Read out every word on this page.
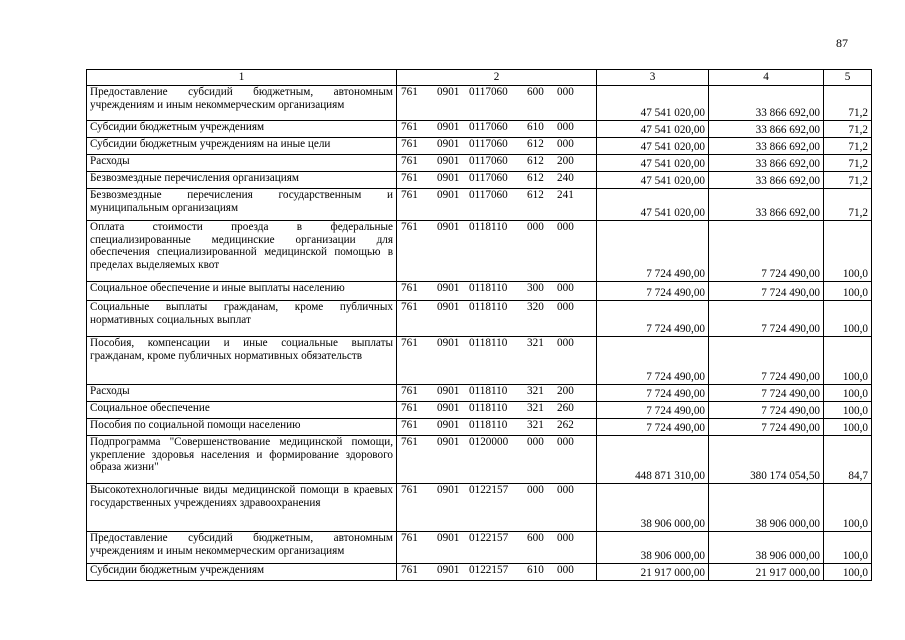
87
1	2	3	4	5
Предоставление субсидий бюджетным, автономным учреждениям и иным некоммерческим организациям	761 0901 0117060 600 000	47 541 020,00	33 866 692,00	71,2
Субсидии бюджетным учреждениям	761 0901 0117060 610 000	47 541 020,00	33 866 692,00	71,2
Субсидии бюджетным учреждениям на иные цели	761 0901 0117060 612 000	47 541 020,00	33 866 692,00	71,2
Расходы	761 0901 0117060 612 200	47 541 020,00	33 866 692,00	71,2
Безвозмездные перечисления организациям	761 0901 0117060 612 240	47 541 020,00	33 866 692,00	71,2
Безвозмездные перечисления государственным и муниципальным организациям	761 0901 0117060 612 241	47 541 020,00	33 866 692,00	71,2
Оплата стоимости проезда в федеральные специализированные медицинские организации для обеспечения специализированной медицинской помощью в пределах выделяемых квот	761 0901 0118110 000 000	7 724 490,00	7 724 490,00	100,0
Социальное обеспечение и иные выплаты населению	761 0901 0118110 300 000	7 724 490,00	7 724 490,00	100,0
Социальные выплаты гражданам, кроме публичных нормативных социальных выплат	761 0901 0118110 320 000	7 724 490,00	7 724 490,00	100,0
Пособия, компенсации и иные социальные выплаты гражданам, кроме публичных нормативных обязательств	761 0901 0118110 321 000	7 724 490,00	7 724 490,00	100,0
Расходы	761 0901 0118110 321 200	7 724 490,00	7 724 490,00	100,0
Социальное обеспечение	761 0901 0118110 321 260	7 724 490,00	7 724 490,00	100,0
Пособия по социальной помощи населению	761 0901 0118110 321 262	7 724 490,00	7 724 490,00	100,0
Подпрограмма "Совершенствование медицинской помощи, укрепление здоровья населения и формирование здорового образа жизни"	761 0901 0120000 000 000	448 871 310,00	380 174 054,50	84,7
Высокотехнологичные виды медицинской помощи в краевых государственных учреждениях здравоохранения	761 0901 0122157 000 000	38 906 000,00	38 906 000,00	100,0
Предоставление субсидий бюджетным, автономным учреждениям и иным некоммерческим организациям	761 0901 0122157 600 000	38 906 000,00	38 906 000,00	100,0
Субсидии бюджетным учреждениям	761 0901 0122157 610 000	21 917 000,00	21 917 000,00	100,0
